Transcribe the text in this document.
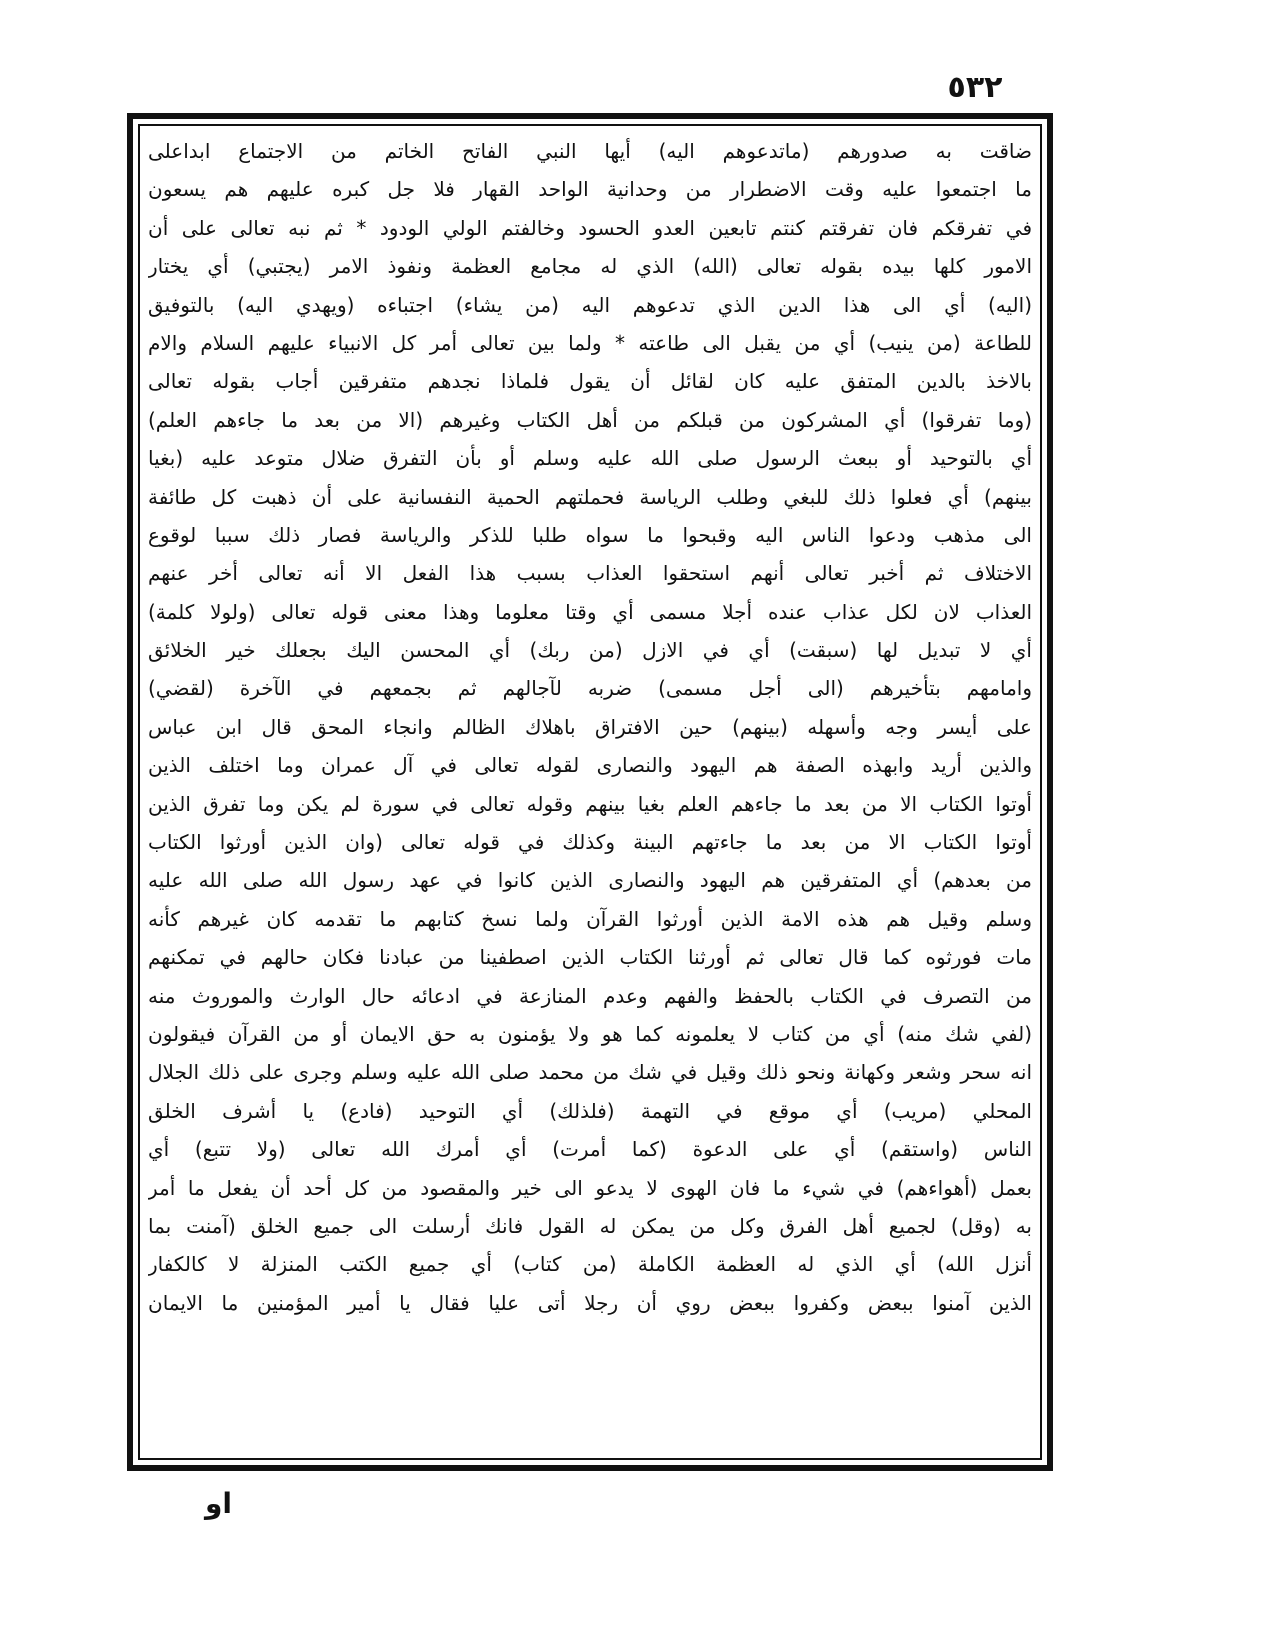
٥٣٢
ضاقت به صدورهم (ماتدعوهم اليه) أيها النبي الفاتح الخاتم من الاجتماع ابداعلى
ما اجتمعوا عليه وقت الاضطرار من وحدانية الواحد القهار فلا جل كبره عليهم هم يسعون
في تفرقكم فان تفرقتم كنتم تابعين العدو الحسود وخالفتم الولي الودود * ثم نبه تعالى على أن
الامور كلها بيده بقوله تعالى (الله) الذي له مجامع العظمة ونفوذ الامر (يجتبي) أي يختار
(اليه) أي الى هذا الدين الذي تدعوهم اليه (من يشاء) اجتباءه (ويهدي اليه) بالتوفيق
للطاعة (من ينيب) أي من يقبل الى طاعته * ولما بين تعالى أمر كل الانبياء عليهم السلام والام
بالاخذ بالدين المتفق عليه كان لقائل أن يقول فلماذا نجدهم متفرقين أجاب بقوله تعالى
(وما تفرقوا) أي المشركون من قبلكم من أهل الكتاب وغيرهم (الا من بعد ما جاءهم العلم)
أي بالتوحيد أو ببعث الرسول صلى الله عليه وسلم أو بأن التفرق ضلال متوعد عليه (بغيا
بينهم) أي فعلوا ذلك للبغي وطلب الرياسة فحملتهم الحمية النفسانية على أن ذهبت كل طائفة
الى مذهب ودعوا الناس اليه وقبحوا ما سواه طلبا للذكر والرياسة فصار ذلك سببا لوقوع
الاختلاف ثم أخبر تعالى أنهم استحقوا العذاب بسبب هذا الفعل الا أنه تعالى أخر عنهم
العذاب لان لكل عذاب عنده أجلا مسمى أي وقتا معلوما وهذا معنى قوله تعالى (ولولا كلمة)
أي لا تبديل لها (سبقت) أي في الازل (من ربك) أي المحسن اليك بجعلك خير الخلائق
وامامهم بتأخيرهم (الى أجل مسمى) ضربه لآجالهم ثم بجمعهم في الآخرة (لقضي)
على أيسر وجه وأسهله (بينهم) حين الافتراق باهلاك الظالم وانجاء المحق قال ابن عباس
والذين أريد وابهذه الصفة هم اليهود والنصارى لقوله تعالى في آل عمران وما اختلف الذين
أوتوا الكتاب الا من بعد ما جاءهم العلم بغيا بينهم وقوله تعالى في سورة لم يكن وما تفرق الذين
أوتوا الكتاب الا من بعد ما جاءتهم البينة وكذلك في قوله تعالى (وان الذين أورثوا الكتاب
من بعدهم) أي المتفرقين هم اليهود والنصارى الذين كانوا في عهد رسول الله صلى الله عليه
وسلم وقيل هم هذه الامة الذين أورثوا القرآن ولما نسخ كتابهم ما تقدمه كان غيرهم كأنه
مات فورثوه كما قال تعالى ثم أورثنا الكتاب الذين اصطفينا من عبادنا فكان حالهم في تمكنهم
من التصرف في الكتاب بالحفظ والفهم وعدم المنازعة في ادعائه حال الوارث والموروث منه
(لفي شك منه) أي من كتاب لا يعلمونه كما هو ولا يؤمنون به حق الايمان أو من القرآن فيقولون
انه سحر وشعر وكهانة ونحو ذلك وقيل في شك من محمد صلى الله عليه وسلم وجرى على ذلك الجلال
المحلي (مريب) أي موقع في التهمة (فلذلك) أي التوحيد (فادع) يا أشرف الخلق
الناس (واستقم) أي على الدعوة (كما أمرت) أي أمرك الله تعالى (ولا تتبع) أي
بعمل (أهواءهم) في شيء ما فان الهوى لا يدعو الى خير والمقصود من كل أحد أن يفعل ما أمر
به (وقل) لجميع أهل الفرق وكل من يمكن له القول فانك أرسلت الى جميع الخلق (آمنت بما
أنزل الله) أي الذي له العظمة الكاملة (من كتاب) أي جميع الكتب المنزلة لا كالكفار
الذين آمنوا ببعض وكفروا ببعض روي أن رجلا أتى عليا فقال يا أمير المؤمنين ما الايمان
او
